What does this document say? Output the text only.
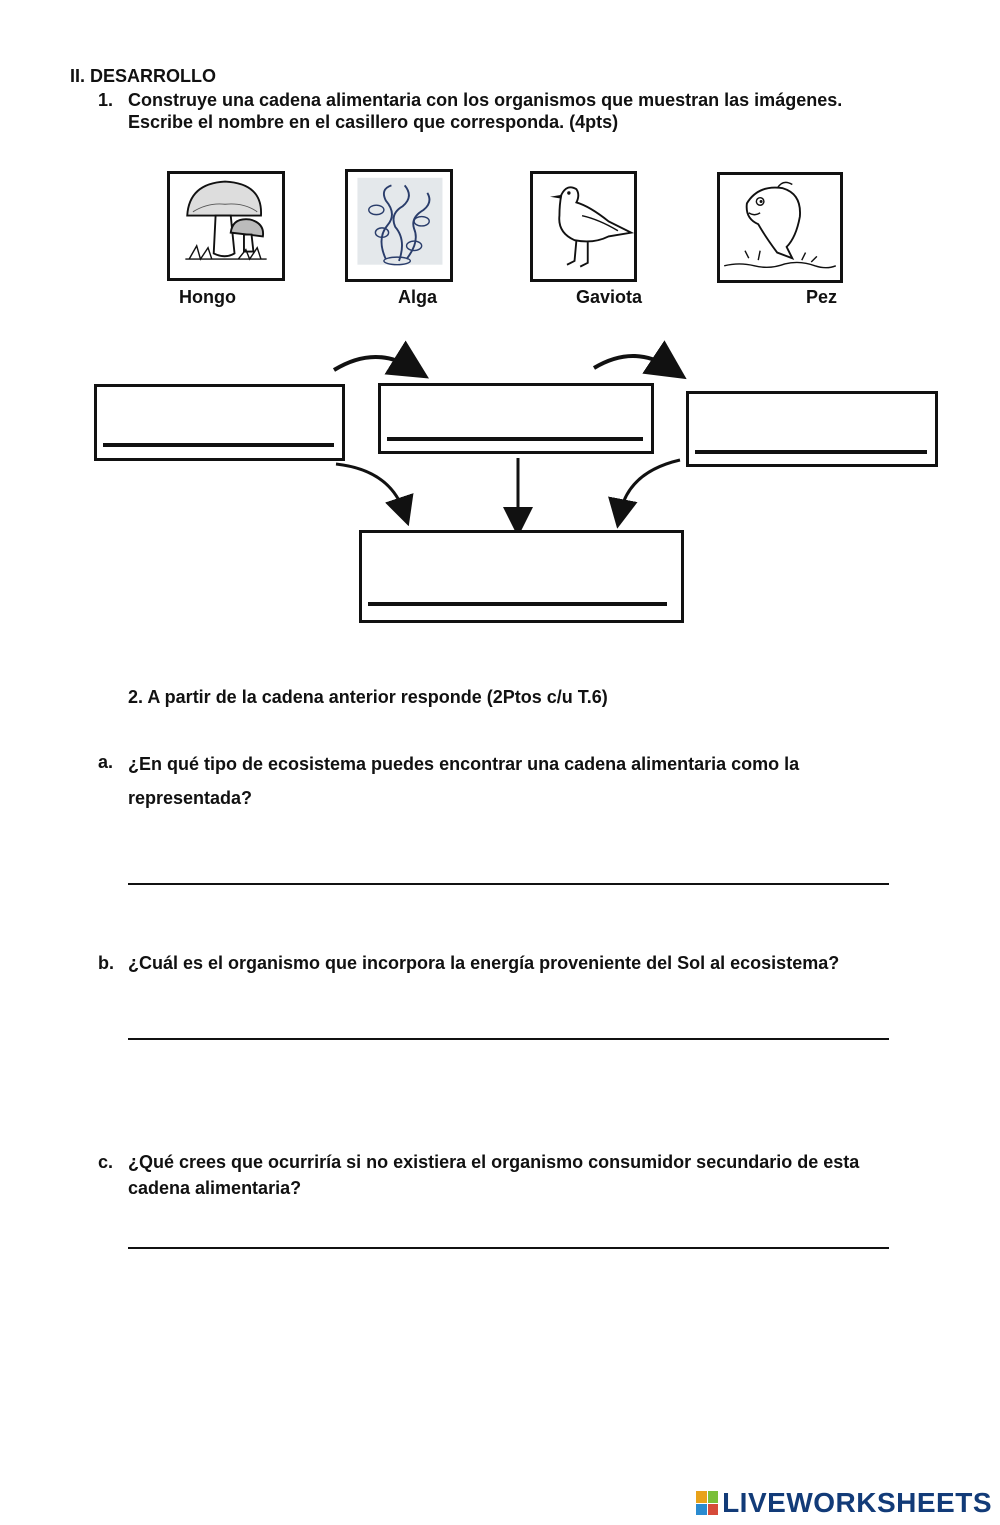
II. DESARROLLO
1. Construye una cadena alimentaria con los organismos que muestran las imágenes.
Escribe el nombre en el casillero que corresponda. (4pts)
Hongo	Alga	Gaviota	Pez
2. A partir de la cadena anterior responde (2Ptos c/u T.6)
a. ¿En qué tipo de ecosistema puedes encontrar una cadena alimentaria como la
representada?
b. ¿Cuál es el organismo que incorpora la energía proveniente del Sol al ecosistema?
c. ¿Qué crees que ocurriría si no existiera el organismo consumidor secundario de esta
cadena alimentaria?
LIVEWORKSHEETS
